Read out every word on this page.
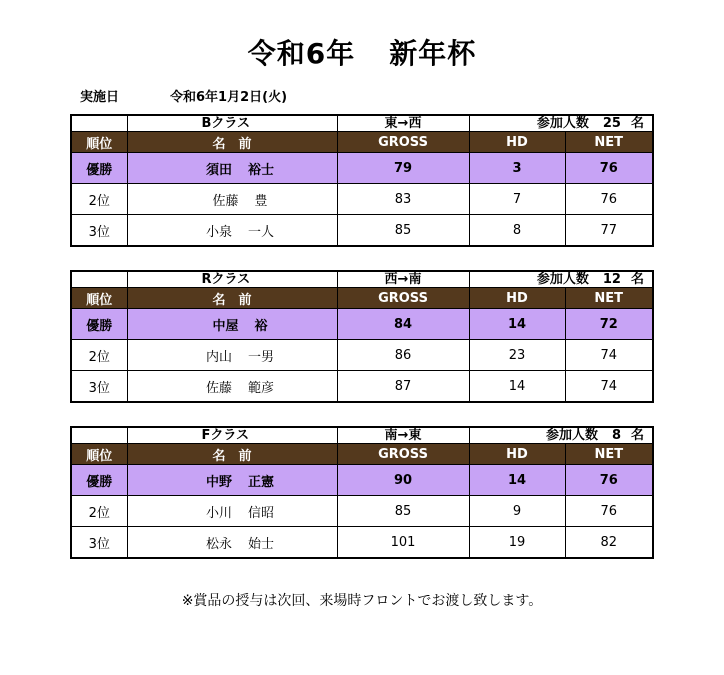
令和6年 新年杯
実施日	令和6年1月2日(火)
	Bクラス	東→西	参加人数 25 名	
順位	名　前	GROSS	HD	NET
優勝	須田 裕士	79	3	76
2位	佐藤 豊	83	7	76
3位	小泉 一人	85	8	77
	Rクラス	西→南	参加人数 12 名	
順位	名　前	GROSS	HD	NET
優勝	中屋 裕	84	14	72
2位	内山 一男	86	23	74
3位	佐藤 範彦	87	14	74
	Fクラス	南→東	参加人数 8 名	
順位	名　前	GROSS	HD	NET
優勝	中野 正憲	90	14	76
2位	小川 信昭	85	9	76
3位	松永 始士	101	19	82
※賞品の授与は次回、来場時フロントでお渡し致します。
